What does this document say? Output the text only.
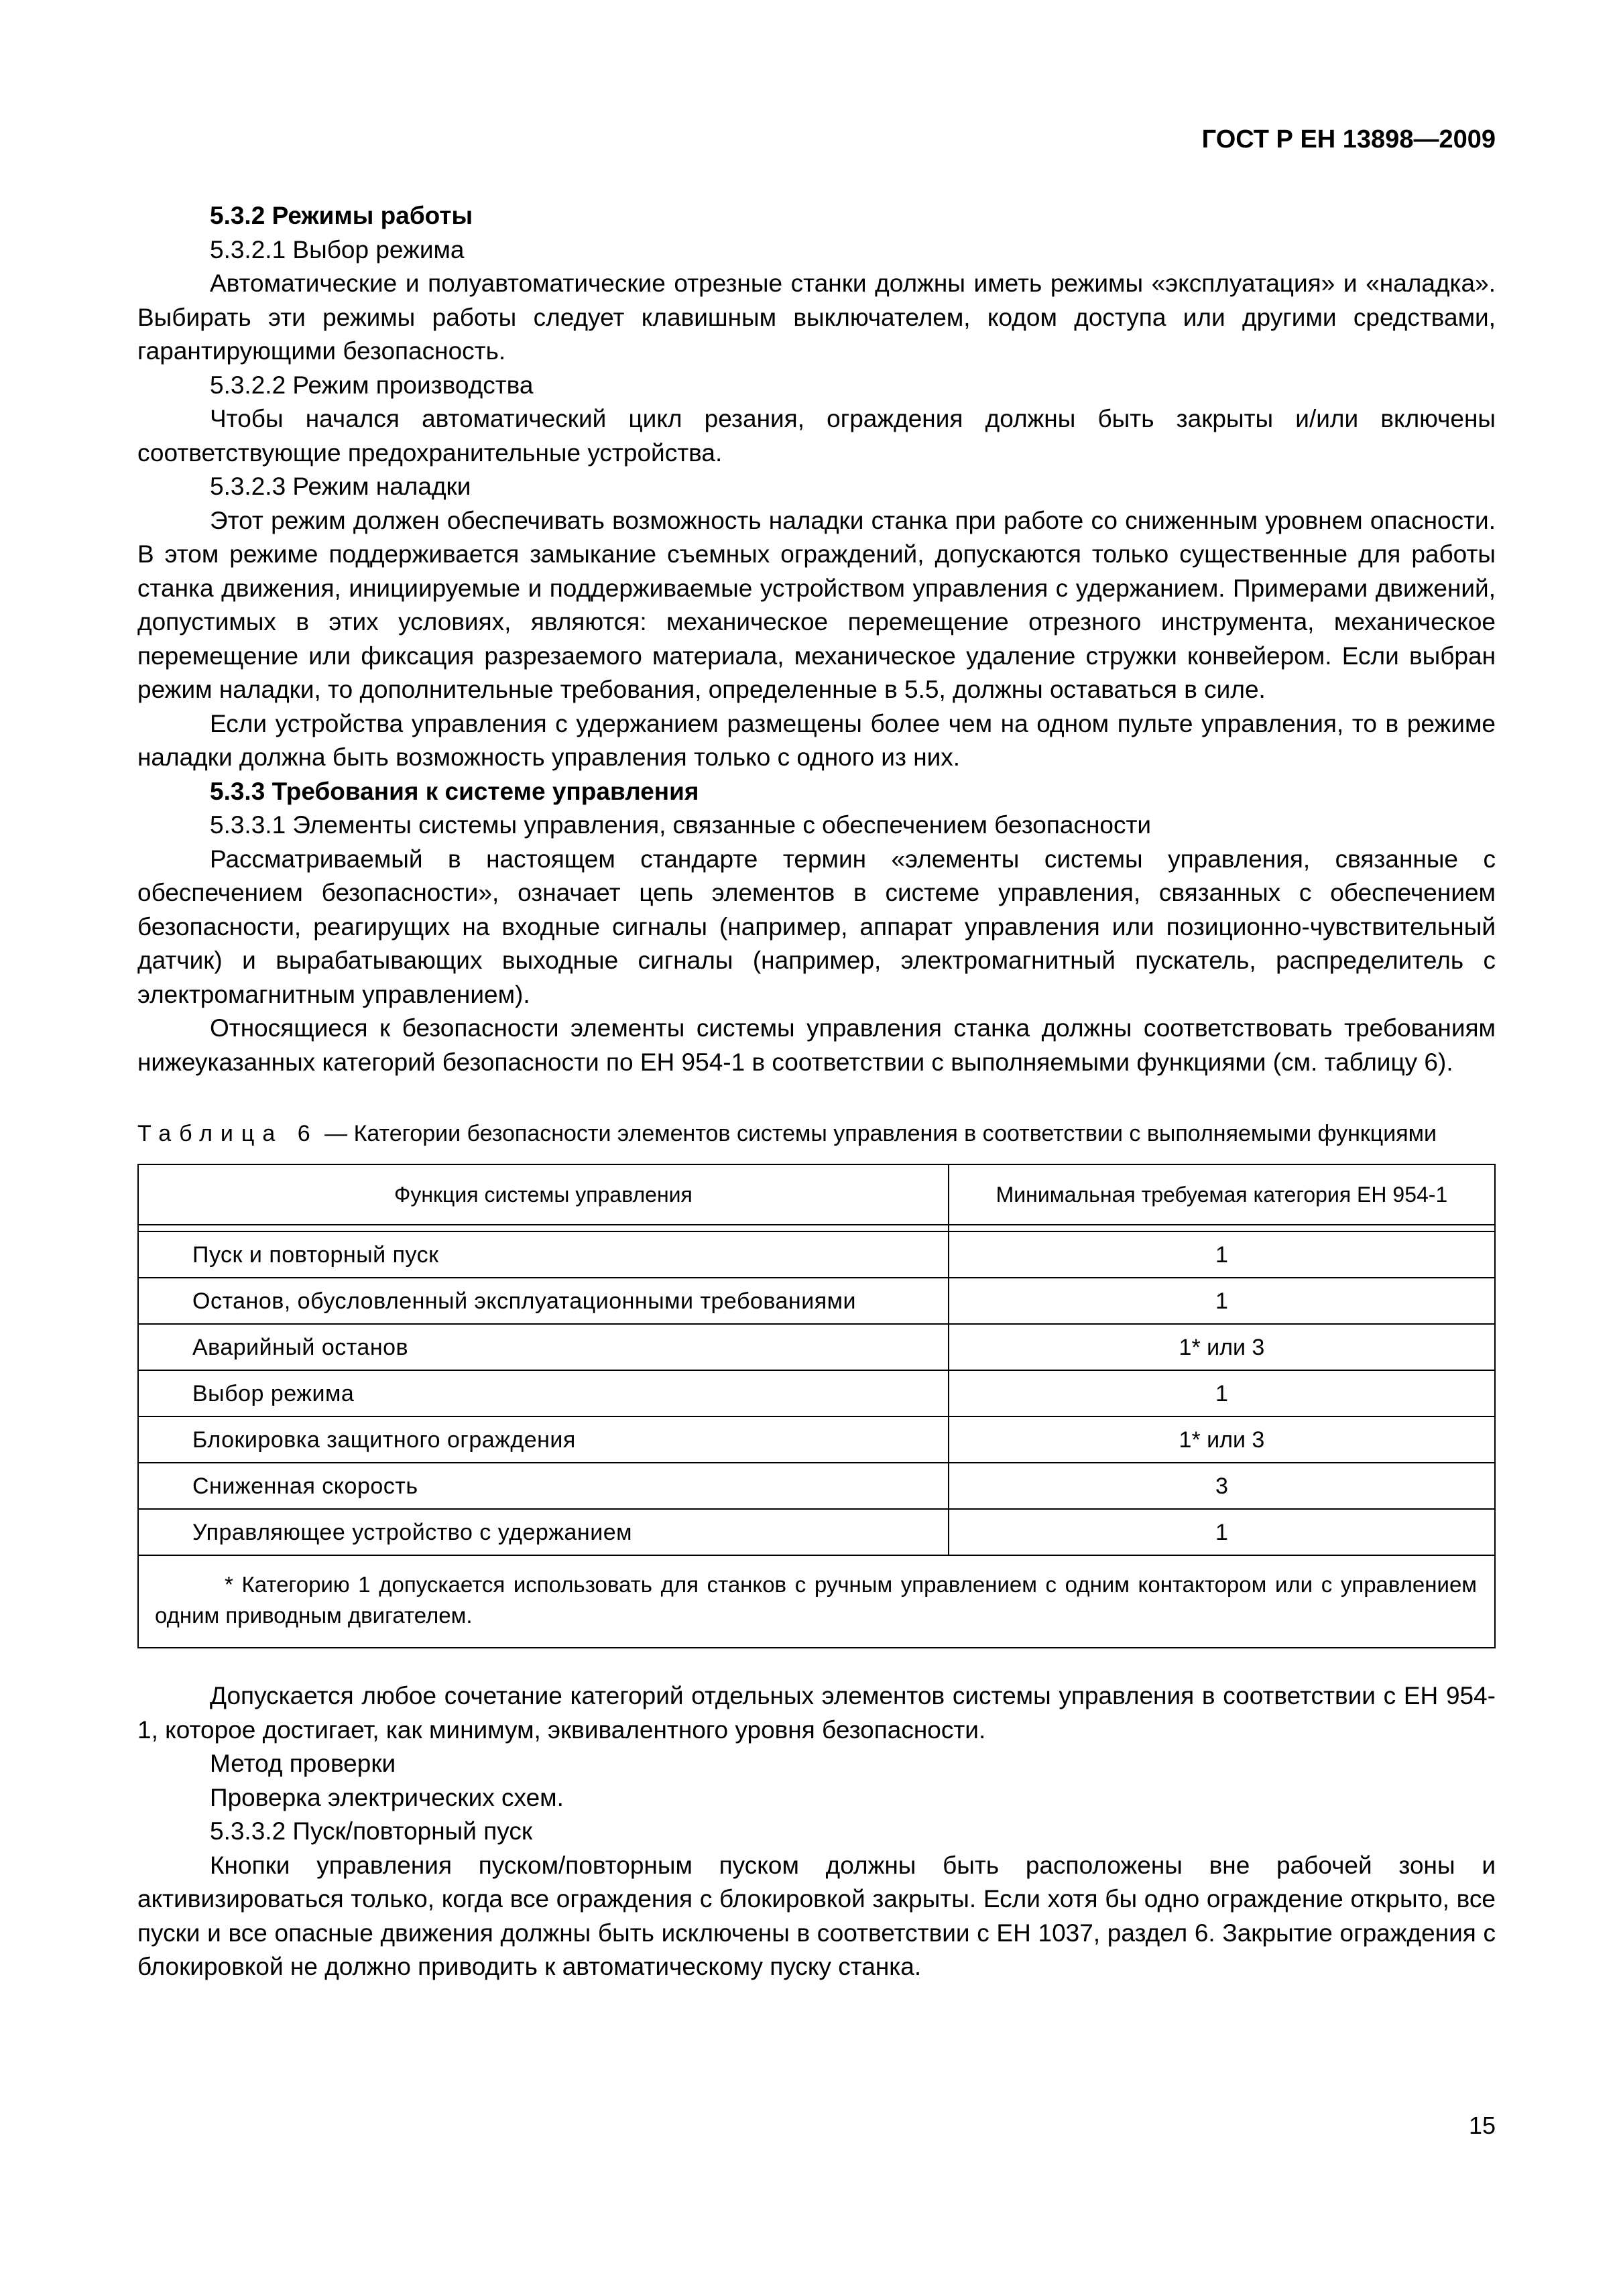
ГОСТ Р ЕН 13898—2009

5.3.2 Режимы работы

5.3.2.1 Выбор режима

Автоматические и полуавтоматические отрезные станки должны иметь режимы «эксплуатация» и «наладка». Выбирать эти режимы работы следует клавишным выключателем, кодом доступа или другими средствами, гарантирующими безопасность.

5.3.2.2 Режим производства

Чтобы начался автоматический цикл резания, ограждения должны быть закрыты и/или включены соответствующие предохранительные устройства.

5.3.2.3 Режим наладки

Этот режим должен обеспечивать возможность наладки станка при работе со сниженным уровнем опасности. В этом режиме поддерживается замыкание съемных ограждений, допускаются только существенные для работы станка движения, инициируемые и поддерживаемые устройством управления с удержанием. Примерами движений, допустимых в этих условиях, являются: механическое перемещение отрезного инструмента, механическое перемещение или фиксация разрезаемого материала, механическое удаление стружки конвейером. Если выбран режим наладки, то дополнительные требования, определенные в 5.5, должны оставаться в силе.

Если устройства управления с удержанием размещены более чем на одном пульте управления, то в режиме наладки должна быть возможность управления только с одного из них.

5.3.3 Требования к системе управления

5.3.3.1 Элементы системы управления, связанные с обеспечением безопасности

Рассматриваемый в настоящем стандарте термин «элементы системы управления, связанные с обеспечением безопасности», означает цепь элементов в системе управления, связанных с обеспечением безопасности, реагирущих на входные сигналы (например, аппарат управления или позиционно-чувствительный датчик) и вырабатывающих выходные сигналы (например, электромагнитный пускатель, распределитель с электромагнитным управлением).

Относящиеся к безопасности элементы системы управления станка должны соответствовать требованиям нижеуказанных категорий безопасности по ЕН 954-1 в соответствии с выполняемыми функциями (см. таблицу 6).

Таблица 6 — Категории безопасности элементов системы управления в соответствии с выполняемыми функциями

Функция системы управления	Минимальная требуемая категория ЕН 954-1

Пуск и повторный пуск	1
Останов, обусловленный эксплуатационными требованиями	1
Аварийный останов	1* или 3
Выбор режима	1
Блокировка защитного ограждения	1* или 3
Сниженная скорость	3
Управляющее устройство с удержанием	1
* Категорию 1 допускается использовать для станков с ручным управлением с одним контактором или с управлением одним приводным двигателем.	

Допускается любое сочетание категорий отдельных элементов системы управления в соответствии с ЕН 954-1, которое достигает, как минимум, эквивалентного уровня безопасности.

Метод проверки

Проверка электрических схем.

5.3.3.2 Пуск/повторный пуск

Кнопки управления пуском/повторным пуском должны быть расположены вне рабочей зоны и активизироваться только, когда все ограждения с блокировкой закрыты. Если хотя бы одно ограждение открыто, все пуски и все опасные движения должны быть исключены в соответствии с ЕН 1037, раздел 6. Закрытие ограждения с блокировкой не должно приводить к автоматическому пуску станка.

15
